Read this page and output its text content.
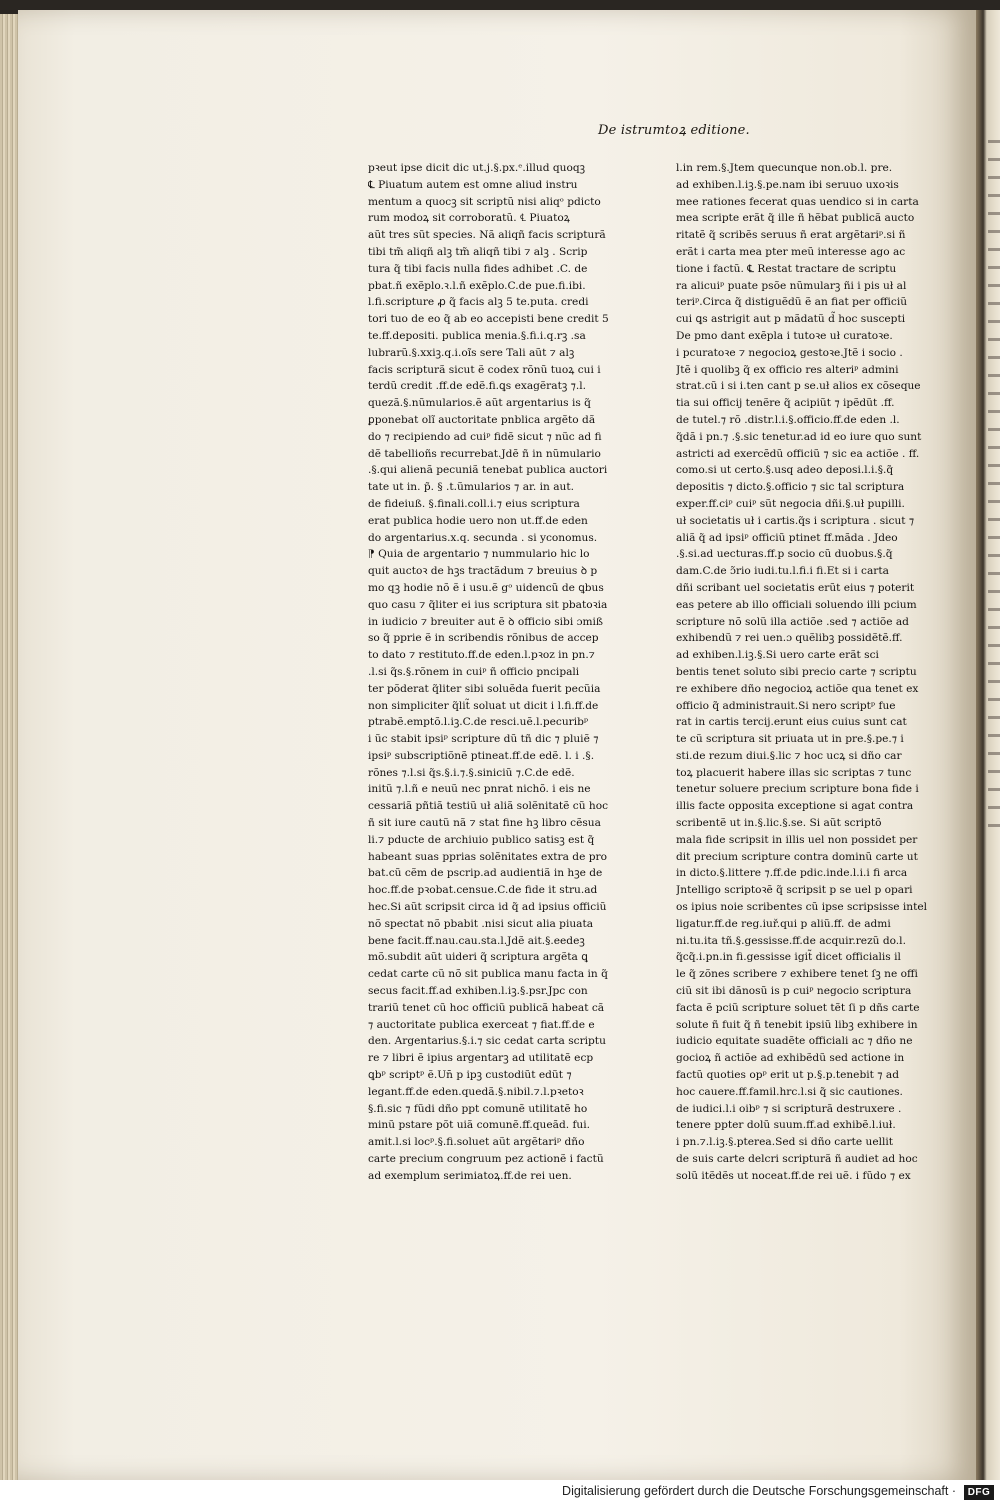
De istrumtoꝝ editione.
pꝛeut ipse dicit dic ut.j.§.px.ᵉ.illud quoqꝫ
℄ Piuatum autem est omne aliud instru
mentum a quocꝫ sit scriptũ nisi aliqᵒ pdicto
rum modoꝝ sit corroboratũ. ℄ Piuatoꝝ
aũt tres sũt species. Nã aliqñ facis scripturã
tibi tm̃ aliqñ alꝫ tm̃ aliqñ tibi ⁊ alꝫ . Scrip
tura q̃ tibi facis nulla fides adhibet .C. de
pbat.ñ exẽplo.ꝛ.l.ñ exẽplo.C.de pue.fi.ibi.
l.fi.scripture ꝓ q̃ facis alꝫ 5 te.puta. credi
tori tuo de eo q̃ ab eo accepisti bene credit 5
te.ff.depositi. publica menia.§.fi.i.q.rꝫ .sa
lubrarũ.§.xxiꝫ.q.i.oĩs sere Tali aũt ⁊ alꝫ
facis scripturã sicut ẽ codex rõnũ tuoꝝ cui i
terdũ credit .ff.de edẽ.fi.ꝗs exagẽratꝫ ⁊.l.
quezã.§.nũmularios.ẽ aũt argentarius is q̃
ꝑponebat olĩ auctoritate pnblica argẽto dã
do ⁊ recipiendo ad cuiᵖ fidẽ sicut ⁊ nũc ad fi
dẽ tabellioñs recurrebat.Jdẽ ñ in nũmulario
.§.qui alienã pecuniã tenebat publica auctori
tate ut in. p̃. § .t.ũmularios ⁊ ar. in aut.
de fideiuß. §.finali.coll.i.⁊ eius scriptura
erat publica hodie uero non ut.ff.de eden
do argentarius.x.q. secunda . si yconomus.
⁋ Quia de argentario ⁊ nummulario hic lo
quit auctoꝛ de hꝫs tractãdum ⁊ breuius ꝺ p
mo qꝫ hodie nõ ẽ i usu.ẽ gᵒ uidencũ de ꝗbus
quo casu ⁊ q̃liter ei ius scriptura sit pbatoꝛia
in iudicio ⁊ breuiter aut ẽ ꝺ officio sibi ɔmiß
so q̃ pprie ẽ in scribendis rõnibus de accep
to dato ⁊ restituto.ff.de eden.l.pꝛoz in pn.⁊
.l.si q̃s.§.rõnem in cuiᵖ ñ officio pncipali
ter põderat q̃liter sibi soluẽda fuerit pecũia
non simpliciter q̃lit̃ soluat ut dicit i l.fi.ff.de
ptrabẽ.emptõ.l.iꝫ.C.de resci.uẽ.l.pecuribᵖ
i ũc stabit ipsiᵖ scripture dũ tñ dic ⁊ pluiẽ ⁊
ipsiᵖ subscriptiõnẽ ptineat.ff.de edẽ. l. i .§.
rõnes ⁊.l.si q̃s.§.i.⁊.§.siniciũ ⁊.C.de edẽ.
initũ ⁊.l.ñ e neuũ nec pnrat nichõ. i eis ne
cessariã pñtiã testiũ uł aliã solẽnitatẽ cũ hoc
ñ sit iure cautũ nã ⁊ stat fine hꝫ libro cẽsua
li.⁊ pducte de archiuio publico satisꝫ est q̃
habeant suas pprias solẽnitates extra de pro
bat.cũ cẽm de pscrip.ad audientiã in hꝫe de
hoc.ff.de pꝛobat.censue.C.de fide it stru.ad
hec.Si aũt scripsit circa id q̃ ad ipsius officiũ
nõ spectat nõ pbabit .nisi sicut alia piuata
bene facit.ff.nau.cau.sta.l.Jdẽ ait.§.eedeꝫ
mõ.subdit aũt uideri q̃ scriptura argẽta ꝗ
cedat carte cũ nõ sit publica manu facta in q̃
secus facit.ff.ad exhiben.l.iꝫ.§.psr.Jpc con
trariũ tenet cũ hoc officiũ publicã habeat cã
⁊ auctoritate publica exerceat ⁊ fiat.ff.de e
den. Argentarius.§.i.⁊ sic cedat carta scriptu
re ⁊ libri ẽ ipius argentarꝫ ad utilitatẽ ecp
ꝗbᵖ scriptᵖ ẽ.Un̄ p ipꝫ custodiũt edũt ⁊
legant.ff.de eden.quedã.§.nibil.⁊.l.pꝛetoꝛ
§.fi.sic ⁊ fũdi dño ppt comunẽ utilitatẽ ho
minũ pstare põt uiã comunẽ.ff.queãd. fui.
amit.l.si locᵖ.§.fi.soluet aũt argẽtariᵖ dño
carte precium congruum pez actionẽ i factũ
ad exemplum serimiatoꝝ.ff.de rei uen.
l.in rem.§.Jtem quecunque non.ob.l. pre.
ad exhiben.l.iꝫ.§.pe.nam ibi seruuo uxoꝛis
mee rationes fecerat quas uendico si in carta
mea scripte erãt q̃ ille ñ hẽbat publicã aucto
ritatẽ q̃ scribẽs seruus ñ erat argẽtariᵖ.si ñ
erãt i carta mea pter meũ interesse ago ac
tione i factũ. ℄ Restat tractare de scriptu
ra alicuiᵖ puate psõe nũmularꝫ ñi i pis uł al
teriᵖ.Circa q̃ distiguẽdũ ẽ an fiat per officiũ
cui ꝗs astrigit aut p mãdatũ d̃ hoc suscepti
De pmo dant exẽpla i tutoꝛe uł curatoꝛe.
i pcuratoꝛe ⁊ negocioꝝ gestoꝛe.Jtẽ i socio .
Jtẽ i quolibꝫ q̃ ex officio res alteriᵖ admini
strat.cũ i si i.ten cant p se.uł alios ex cõseque
tia sui officij tenẽre q̃ acipiũt ⁊ ipẽdũt .ff.
de tutel.⁊ rõ .distr.l.i.§.officio.ff.de eden .l.
q̃dã i pn.⁊ .§.sic tenetur.ad id eo iure quo sunt
astricti ad exercẽdũ officiũ ⁊ sic ea actiõe . ff.
como.si ut certo.§.usq adeo deposi.l.i.§.q̃
depositis ⁊ dicto.§.officio ⁊ sic tal scriptura
exper.ff.ciᵖ cuiᵖ sũt negocia dñi.§.uł pupilli.
uł societatis uł i cartis.q̃s i scriptura . sicut ⁊
aliã q̃ ad ipsiᵖ officiũ ptinet ff.mãda . Jdeo
.§.si.ad uecturas.ff.p socio cũ duobus.§.q̃
dam.C.de ɔ̃rio iudi.tu.l.fi.i fi.Et si i carta
dñi scribant uel societatis erũt eius ⁊ poterit
eas petere ab illo officiali soluendo illi pcium
scripture nõ solũ illa actiõe .sed ⁊ actiõe ad
exhibendũ ⁊ rei uen.ɔ quẽlibꝫ possidẽtẽ.ff.
ad exhiben.l.iꝫ.§.Si uero carte erãt sci
bentis tenet soluto sibi precio carte ⁊ scriptu
re exhibere dño negocioꝝ actiõe qua tenet ex
officio q̃ administrauit.Si nero scriptᵖ fue
rat in cartis tercij.erunt eius cuius sunt cat
te cũ scriptura sit priuata ut in pre.§.pe.⁊ i
sti.de rezum diui.§.lic ⁊ hoc ucꝝ si dño car
toꝝ placuerit habere illas sic scriptas ⁊ tunc
tenetur soluere precium scripture bona fide i
illis facte opposita exceptione si agat contra
scribentẽ ut in.§.lic.§.se. Si aũt scriptõ
mala fide scripsit in illis uel non possidet per
dit precium scripture contra dominũ carte ut
in dicto.§.littere ⁊.ff.de pdic.inde.l.i.i fi arca
Jntelligo scriptoꝛẽ q̃ scripsit p se uel p opari
os ipius noie scribentes cũ ipse scripsisse intel
ligatur.ff.de reg.iuř.qui p aliũ.ff. de admi
ni.tu.ita tñ.§.gessisse.ff.de acquir.rezũ do.l.
q̃cq̃.i.pn.in fi.gessisse igit̃ dicet officialis il
le q̃ zõnes scribere ⁊ exhibere tenet ſꝫ ne offi
ciũ sit ibi dãnosũ is p cuiᵖ negocio scriptura
facta ẽ pciũ scripture soluet tẽt ſi p dñs carte
solute ñ fuit q̃ ñ tenebit ipsiũ libꝫ exhibere in
iudicio equitate suadẽte officiali ac ⁊ dño ne
gocioꝝ ñ actiõe ad exhibẽdũ sed actione in
factũ quoties opᵖ erit ut p.§.p.tenebit ⁊ ad
hoc cauere.ff.famil.hrc.l.si q̃ sic cautiones.
de iudici.l.i oibᵖ ⁊ si scripturã destruxere .
tenere ppter dolũ suum.ff.ad exhibẽ.l.iuł.
i pn.⁊.l.iꝫ.§.pterea.Sed si dño carte uellit
de suis carte delcri scripturã ñ audiet ad hoc
solũ itẽdẽs ut noceat.ff.de rei uẽ. i fũdo ⁊ ex
Digitalisierung gefördert durch die Deutsche Forschungsgemeinschaft ·	DFG
